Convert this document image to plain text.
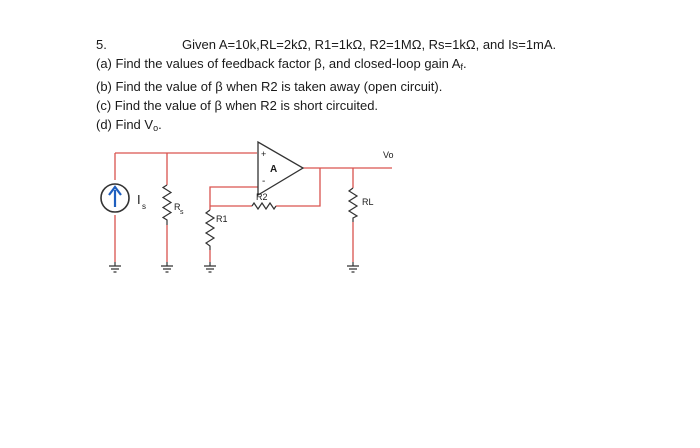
5.	Given A=10k,RL=2kΩ, R1=1kΩ, R2=1MΩ, Rs=1kΩ, and Is=1mA.
(a) Find the values of feedback factor β, and closed-loop gain $A_f$.
(b) Find the value of β when R2 is taken away (open circuit).
(c) Find the value of β when R2 is short circuited.
(d) Find $V_o$.
I s
+
-
A
R2	RL
R1
R
s
Vo
